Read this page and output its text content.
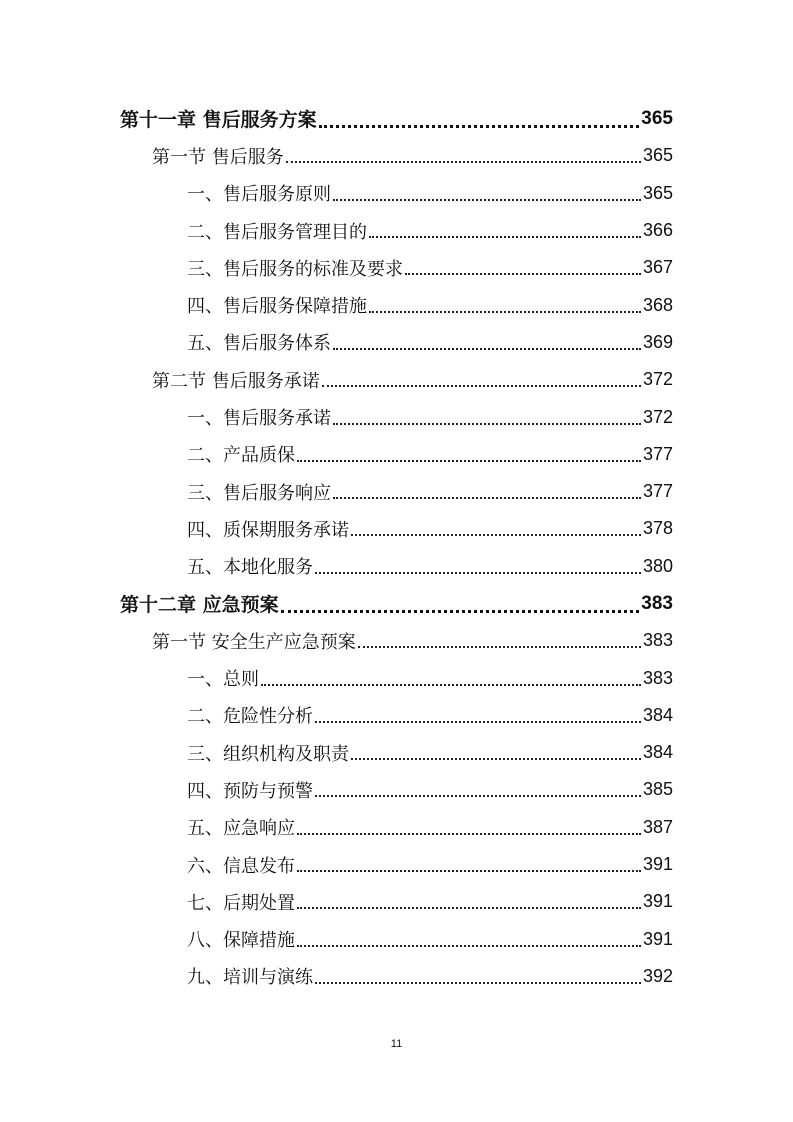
第十一章 售后服务方案	365
第一节 售后服务	365
一、售后服务原则	365
二、售后服务管理目的	366
三、售后服务的标准及要求	367
四、售后服务保障措施	368
五、售后服务体系	369
第二节 售后服务承诺	372
一、售后服务承诺	372
二、产品质保	377
三、售后服务响应	377
四、质保期服务承诺	378
五、本地化服务	380
第十二章 应急预案	383
第一节 安全生产应急预案	383
一、总则	383
二、危险性分析	384
三、组织机构及职责	384
四、预防与预警	385
五、应急响应	387
六、信息发布	391
七、后期处置	391
八、保障措施	391
九、培训与演练	392
11
